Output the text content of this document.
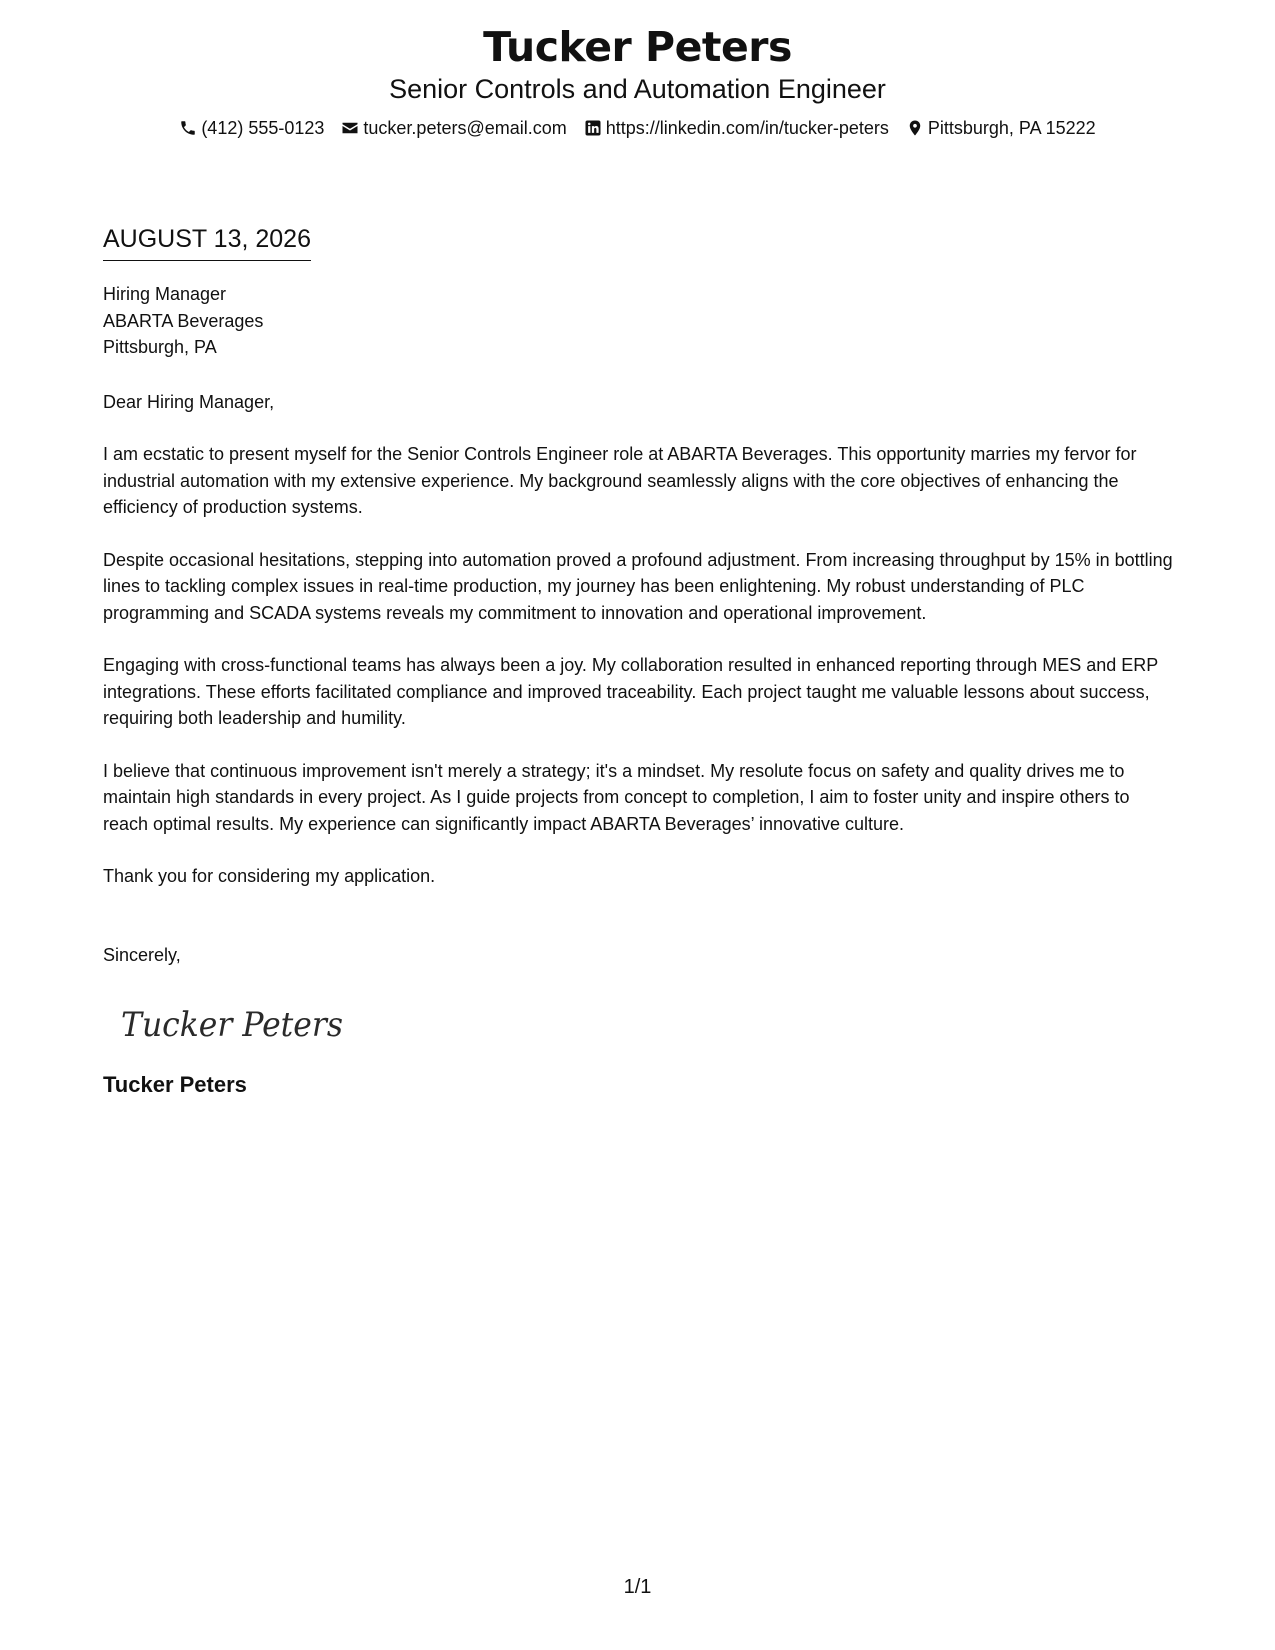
Tucker Peters
Senior Controls and Automation Engineer
(412) 555-0123 tucker.peters@email.com https://linkedin.com/in/tucker-peters Pittsburgh, PA 15222
AUGUST 13, 2026
Hiring Manager
ABARTA Beverages
Pittsburgh, PA
Dear Hiring Manager,
I am ecstatic to present myself for the Senior Controls Engineer role at ABARTA Beverages. This opportunity marries my fervor for industrial automation with my extensive experience. My background seamlessly aligns with the core objectives of enhancing the efficiency of production systems.
Despite occasional hesitations, stepping into automation proved a profound adjustment. From increasing throughput by 15% in bottling lines to tackling complex issues in real-time production, my journey has been enlightening. My robust understanding of PLC programming and SCADA systems reveals my commitment to innovation and operational improvement.
Engaging with cross-functional teams has always been a joy. My collaboration resulted in enhanced reporting through MES and ERP integrations. These efforts facilitated compliance and improved traceability. Each project taught me valuable lessons about success, requiring both leadership and humility.
I believe that continuous improvement isn't merely a strategy; it's a mindset. My resolute focus on safety and quality drives me to maintain high standards in every project. As I guide projects from concept to completion, I aim to foster unity and inspire others to reach optimal results. My experience can significantly impact ABARTA Beverages’ innovative culture.
Thank you for considering my application.
Sincerely,
Tucker Peters
Tucker Peters
1/1
